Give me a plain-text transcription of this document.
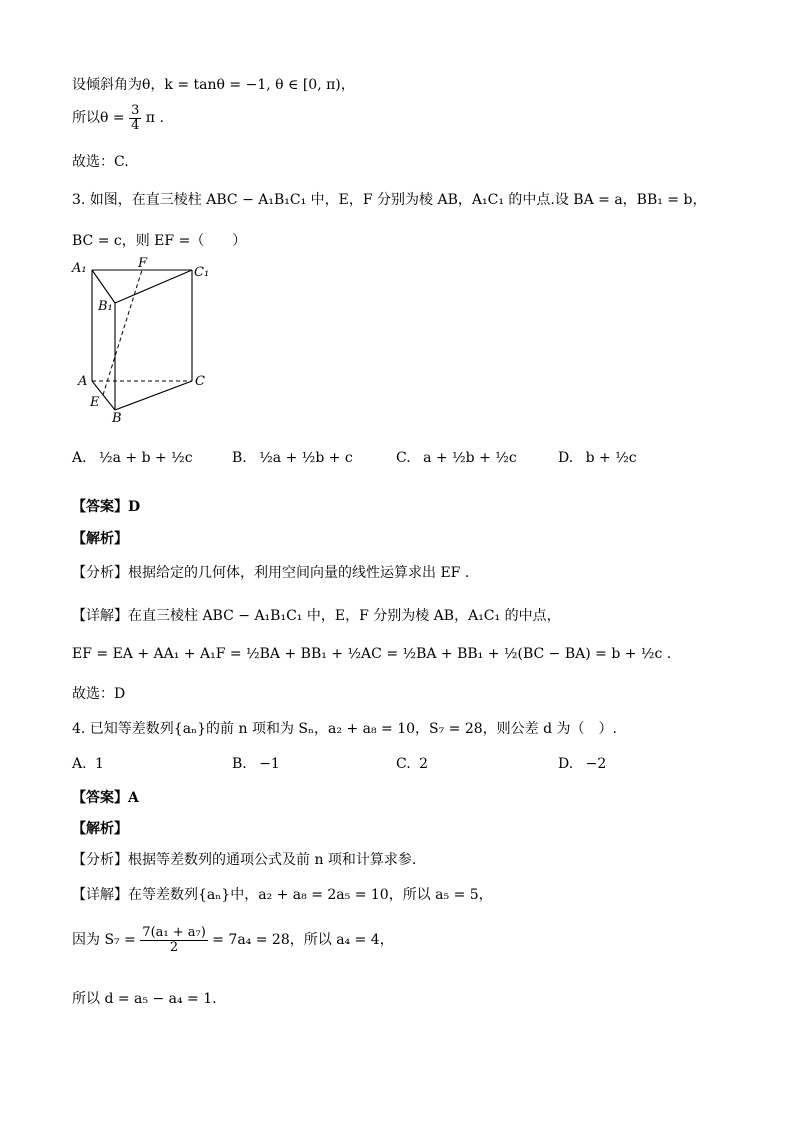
设倾斜角为θ，k = tanθ = −1, θ ∈ [0, π)，
所以$\theta = \frac{3}{4}$ π .
故选：C.
3. 如图，在直三棱柱 ABC − A₁B₁C₁ 中，E，F 分别为棱 AB，A₁C₁ 的中点.设 BA = a，BB₁ = b，
BC = c，则 EF =（　　）
A₁	F
C₁
B₁
A	C
E
B
A. ½a + b + ½c	B. ½a + ½b + c	C. a + ½b + ½c	D. b + ½c
【答案】D
【解析】
【分析】根据给定的几何体，利用空间向量的线性运算求出 EF .
【详解】在直三棱柱 ABC − A₁B₁C₁ 中，E，F 分别为棱 AB，A₁C₁ 的中点，
EF = EA + AA₁ + A₁F = ½BA + BB₁ + ½AC = ½BA + BB₁ + ½(BC − BA) = b + ½c .
故选：D
4. 已知等差数列{aₙ}的前 n 项和为 Sₙ，a₂ + a₈ = 10，S₇ = 28，则公差 d 为（　）.
A. 1	B. −1	C. 2	D. −2
【答案】A
【解析】
【分析】根据等差数列的通项公式及前 n 项和计算求参.
【详解】在等差数列{aₙ}中，a₂ + a₈ = 2a₅ = 10，所以 a₅ = 5，
因为 $S_7 = \frac{\text{7(a₁ + a₇)}}{2} = 7a_4 = 28$，所以 a₄ = 4，
所以 d = a₅ − a₄ = 1.
